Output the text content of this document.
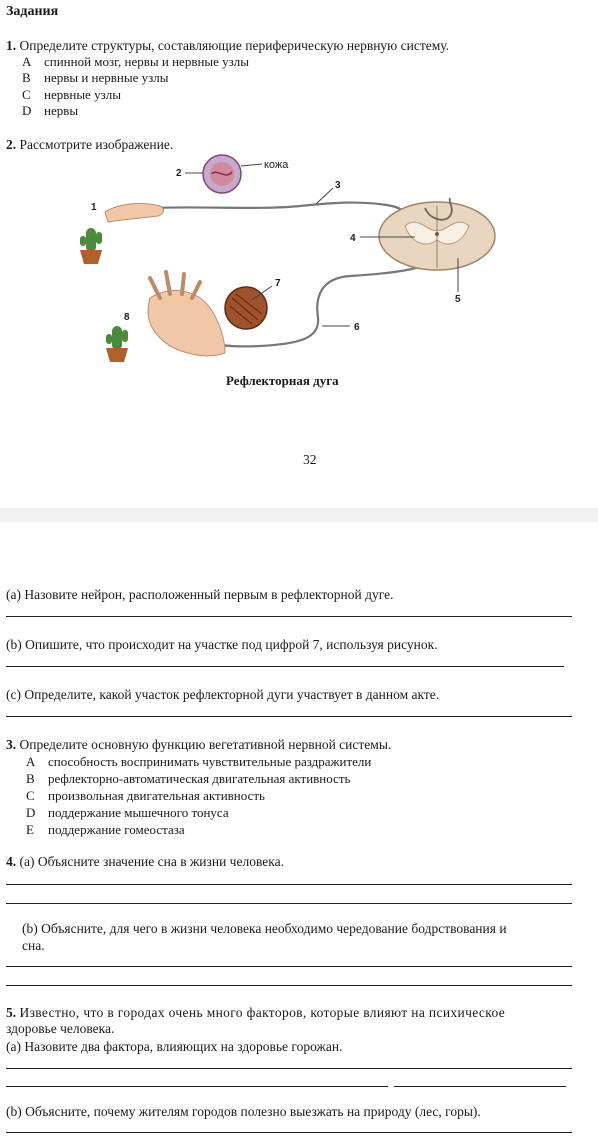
Задания
1. Определите структуры, составляющие периферическую нервную систему.
A спинной мозг, нервы и нервные узлы
B нервы и нервные узлы
C нервные узлы
D нервы
2. Рассмотрите изображение.
кожа
1
2
3
4
5
6
7
8
Рефлекторная дуга
32
(a) Назовите нейрон, расположенный первым в рефлекторной дуге.
(b) Опишите, что происходит на участке под цифрой 7, используя рисунок.
(c) Определите, какой участок рефлекторной дуги участвует в данном акте.
3. Определите основную функцию вегетативной нервной системы.
A способность воспринимать чувствительные раздражители
B рефлекторно-автоматическая двигательная активность
C произвольная двигательная активность
D поддержание мышечного тонуса
E поддержание гомеостаза
4. (a) Объясните значение сна в жизни человека.
(b) Объясните, для чего в жизни человека необходимо чередование бодрствования и
сна.
5. Известно, что в городах очень много факторов, которые влияют на психическое
здоровье человека.
(a) Назовите два фактора, влияющих на здоровье горожан.
(b) Объясните, почему жителям городов полезно выезжать на природу (лес, горы).
